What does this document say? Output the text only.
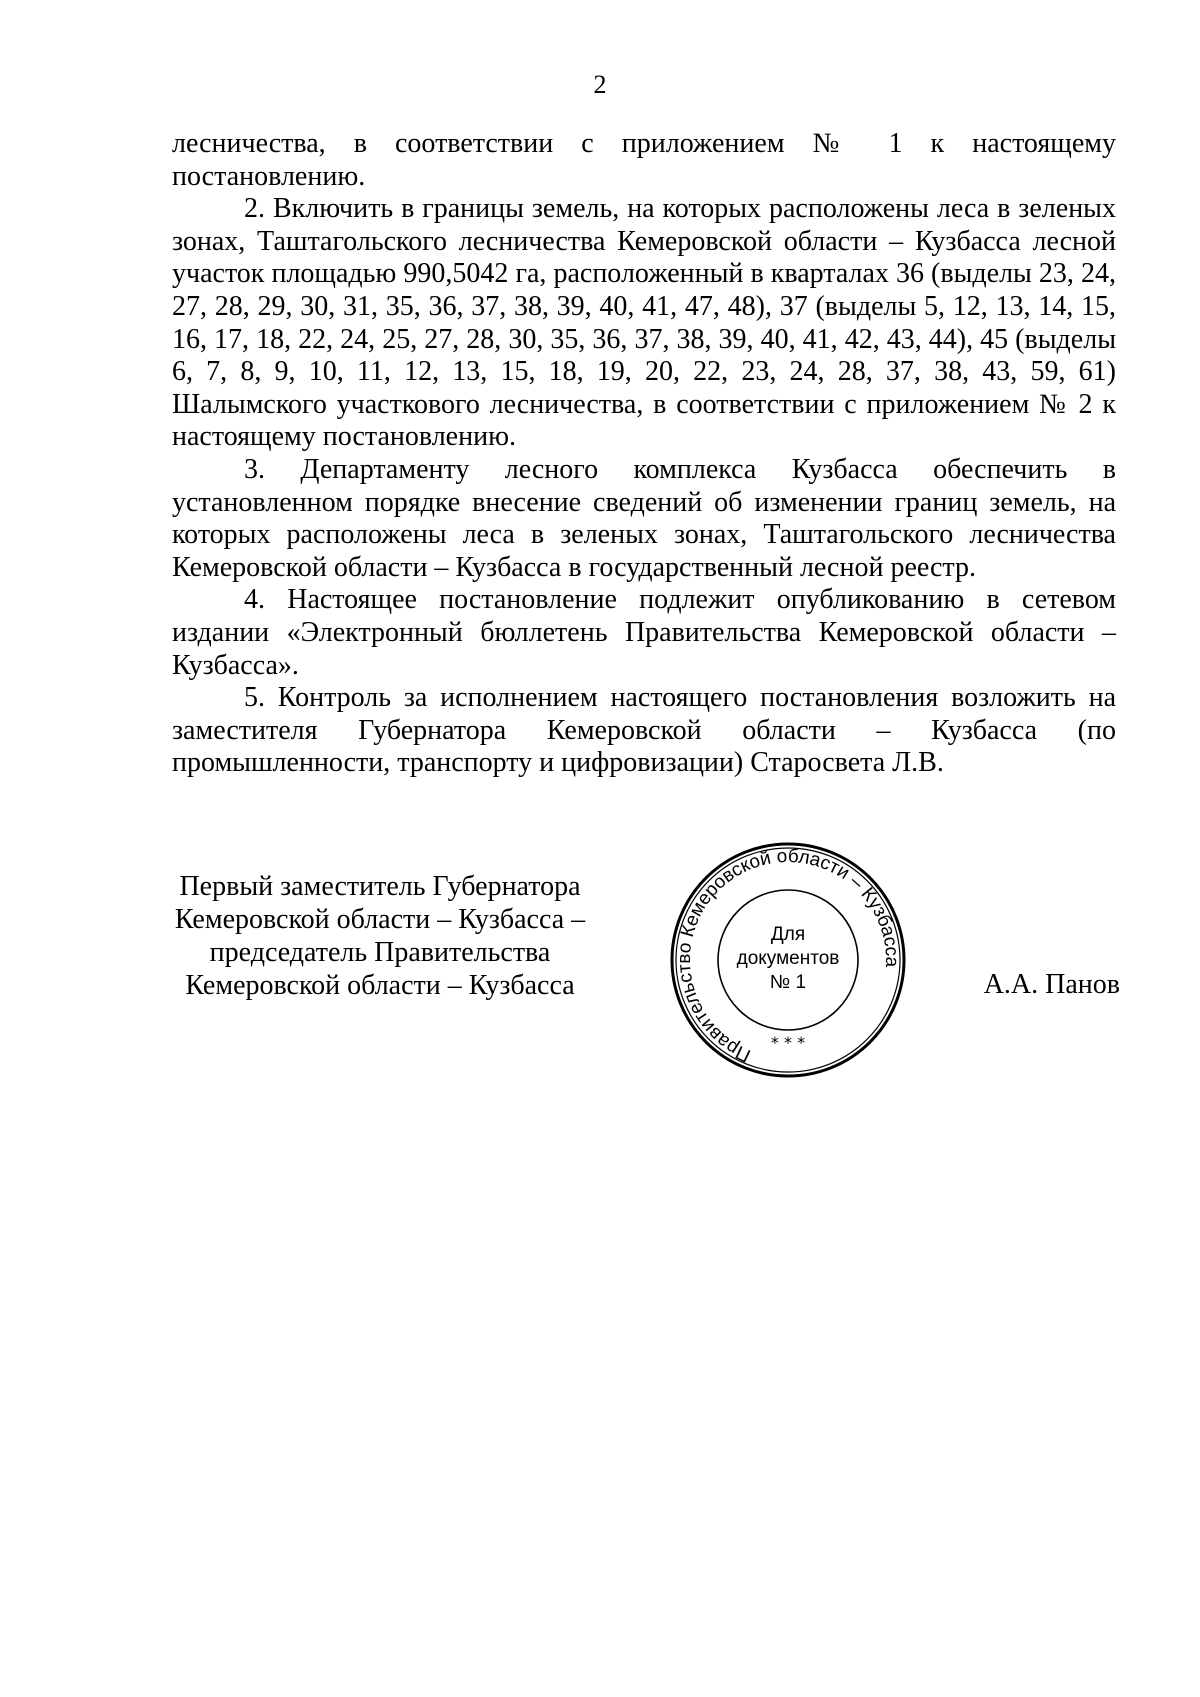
2

лесничества, в соответствии с приложением № 1 к настоящему постановлению.

2. Включить в границы земель, на которых расположены леса в зеленых зонах, Таштагольского лесничества Кемеровской области – Кузбасса лесной участок площадью 990,5042 га, расположенный в кварталах 36 (выделы 23, 24, 27, 28, 29, 30, 31, 35, 36, 37, 38, 39, 40, 41, 47, 48), 37 (выделы 5, 12, 13, 14, 15, 16, 17, 18, 22, 24, 25, 27, 28, 30, 35, 36, 37, 38, 39, 40, 41, 42, 43, 44), 45 (выделы 6, 7, 8, 9, 10, 11, 12, 13, 15, 18, 19, 20, 22, 23, 24, 28, 37, 38, 43, 59, 61) Шалымского участкового лесничества, в соответствии с приложением № 2 к настоящему постановлению.

3. Департаменту лесного комплекса Кузбасса обеспечить в установленном порядке внесение сведений об изменении границ земель, на которых расположены леса в зеленых зонах, Таштагольского лесничества Кемеровской области – Кузбасса в государственный лесной реестр.

4. Настоящее постановление подлежит опубликованию в сетевом издании «Электронный бюллетень Правительства Кемеровской области – Кузбасса».

5. Контроль за исполнением настоящего постановления возложить на заместителя Губернатора Кемеровской области – Кузбасса (по промышленности, транспорту и цифровизации) Старосвета Л.В.

Первый заместитель Губернатора
Кемеровской области – Кузбасса –
председатель Правительства
Кемеровской области – Кузбасса
Правительство Кемеровской области – Кузбасса
* * *
Для
документов
№ 1	А.А. Панов
